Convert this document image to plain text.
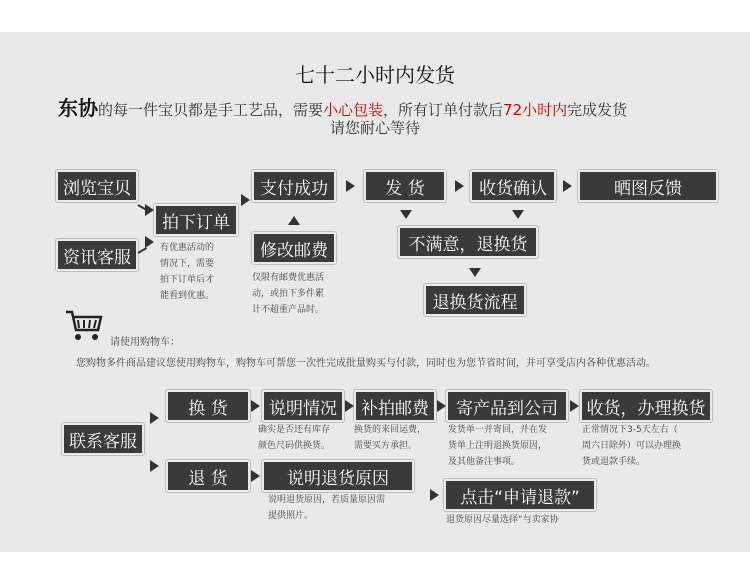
七十二小时内发货
东协的每一件宝贝都是手工艺品，需要小心包装，所有订单付款后72小时内完成发货
请您耐心等待
浏览宝贝
资讯客服
拍下订单
支付成功
修改邮费
发 货	收货确认	晒图反馈
不满意，退换货
退换货流程
有优惠活动的
情况下，需要
拍下订单后才
能看到优惠。
仅限有邮费优惠活
动，或拍下多件累
计不超重产品时。
请使用购物车：
您购物多件商品建议您使用购物车，购物车可帮您一次性完成批量购买与付款，同时也为您节省时间，并可享受店内各种优惠活动。
联系客服
换 货	说明情况	补拍邮费	寄产品到公司	收货，办理换货
退 货	说明退货原因
点击“申请退款”
确实是否还有库存
颜色尺码供换货。
换货的来回运费，
需要买方承担。
发货单一并寄回，并在发
货单上注明退换货原因，
及其他备注事项。
正常情况下3-5天左右（
周六日除外）可以办理换
货或退款手续。
说明退货原因，若质量原因需
提供照片。	退货原因尽量选择“与卖家协
